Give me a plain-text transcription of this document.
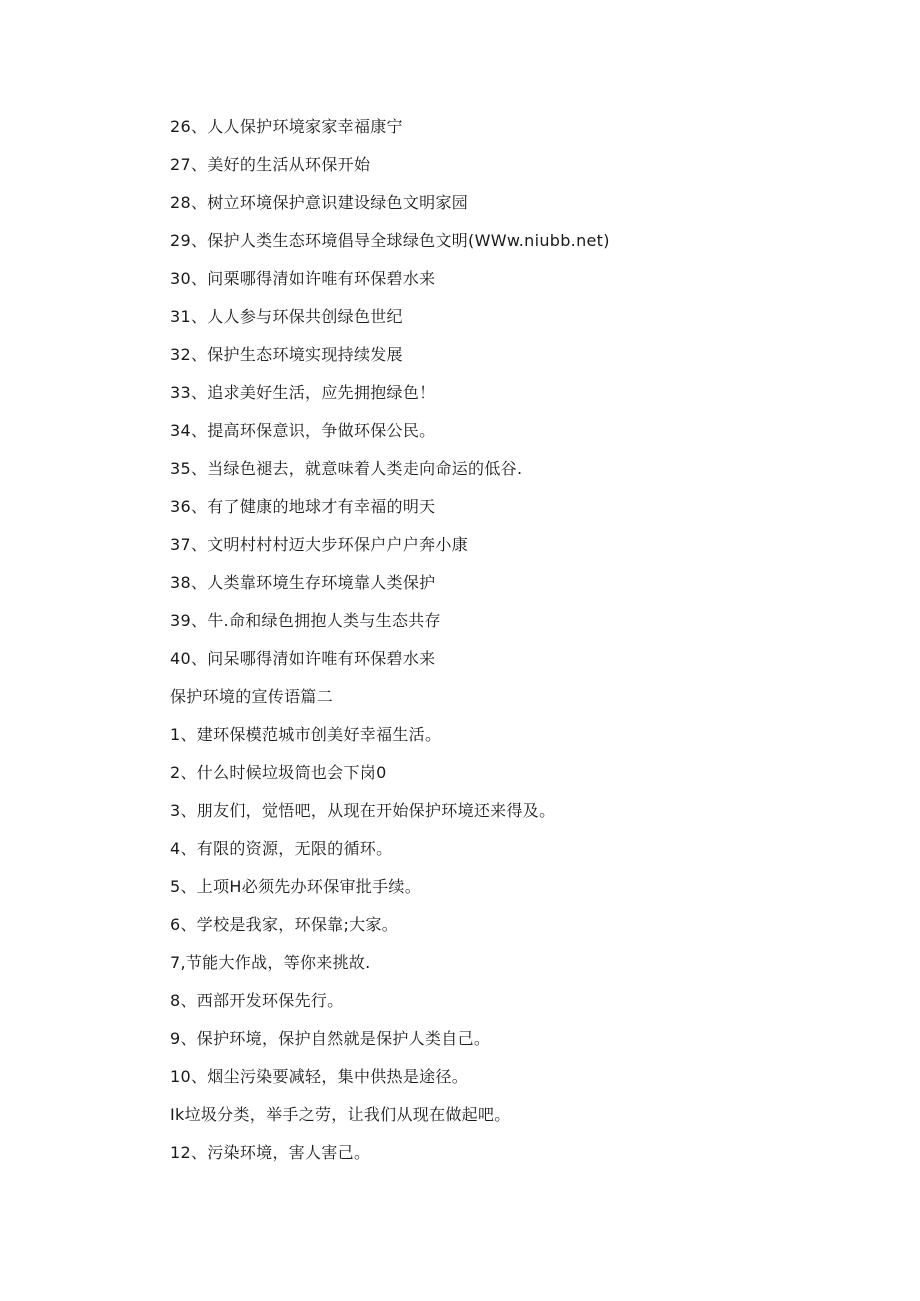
26、人人保护环境家家幸福康宁
27、美好的生活从环保开始
28、树立环境保护意识建设绿色文明家园
29、保护人类生态环境倡导全球绿色文明(WWw.niubb.net)
30、问栗哪得清如许唯有环保碧水来
31、人人参与环保共创绿色世纪
32、保护生态环境实现持续发展
33、追求美好生活，应先拥抱绿色！
34、提高环保意识，争做环保公民。
35、当绿色褪去，就意味着人类走向命运的低谷.
36、有了健康的地球才有幸福的明天
37、文明村村村迈大步环保户户户奔小康
38、人类靠环境生存环境靠人类保护
39、牛.命和绿色拥抱人类与生态共存
40、问呆哪得清如许唯有环保碧水来
保护环境的宣传语篇二
1、建环保模范城市创美好幸福生活。
2、什么时候垃圾筒也会下岗0
3、朋友们，觉悟吧，从现在开始保护环境还来得及。
4、有限的资源，无限的循环。
5、上项H必须先办环保审批手续。
6、学校是我家，环保靠;大家。
7,节能大作战，等你来挑故.
8、西部开发环保先行。
9、保护环境，保护自然就是保护人类自己。
10、烟尘污染要减轻，集中供热是途径。
Ik垃圾分类，举手之劳，让我们从现在做起吧。
12、污染环境，害人害己。
